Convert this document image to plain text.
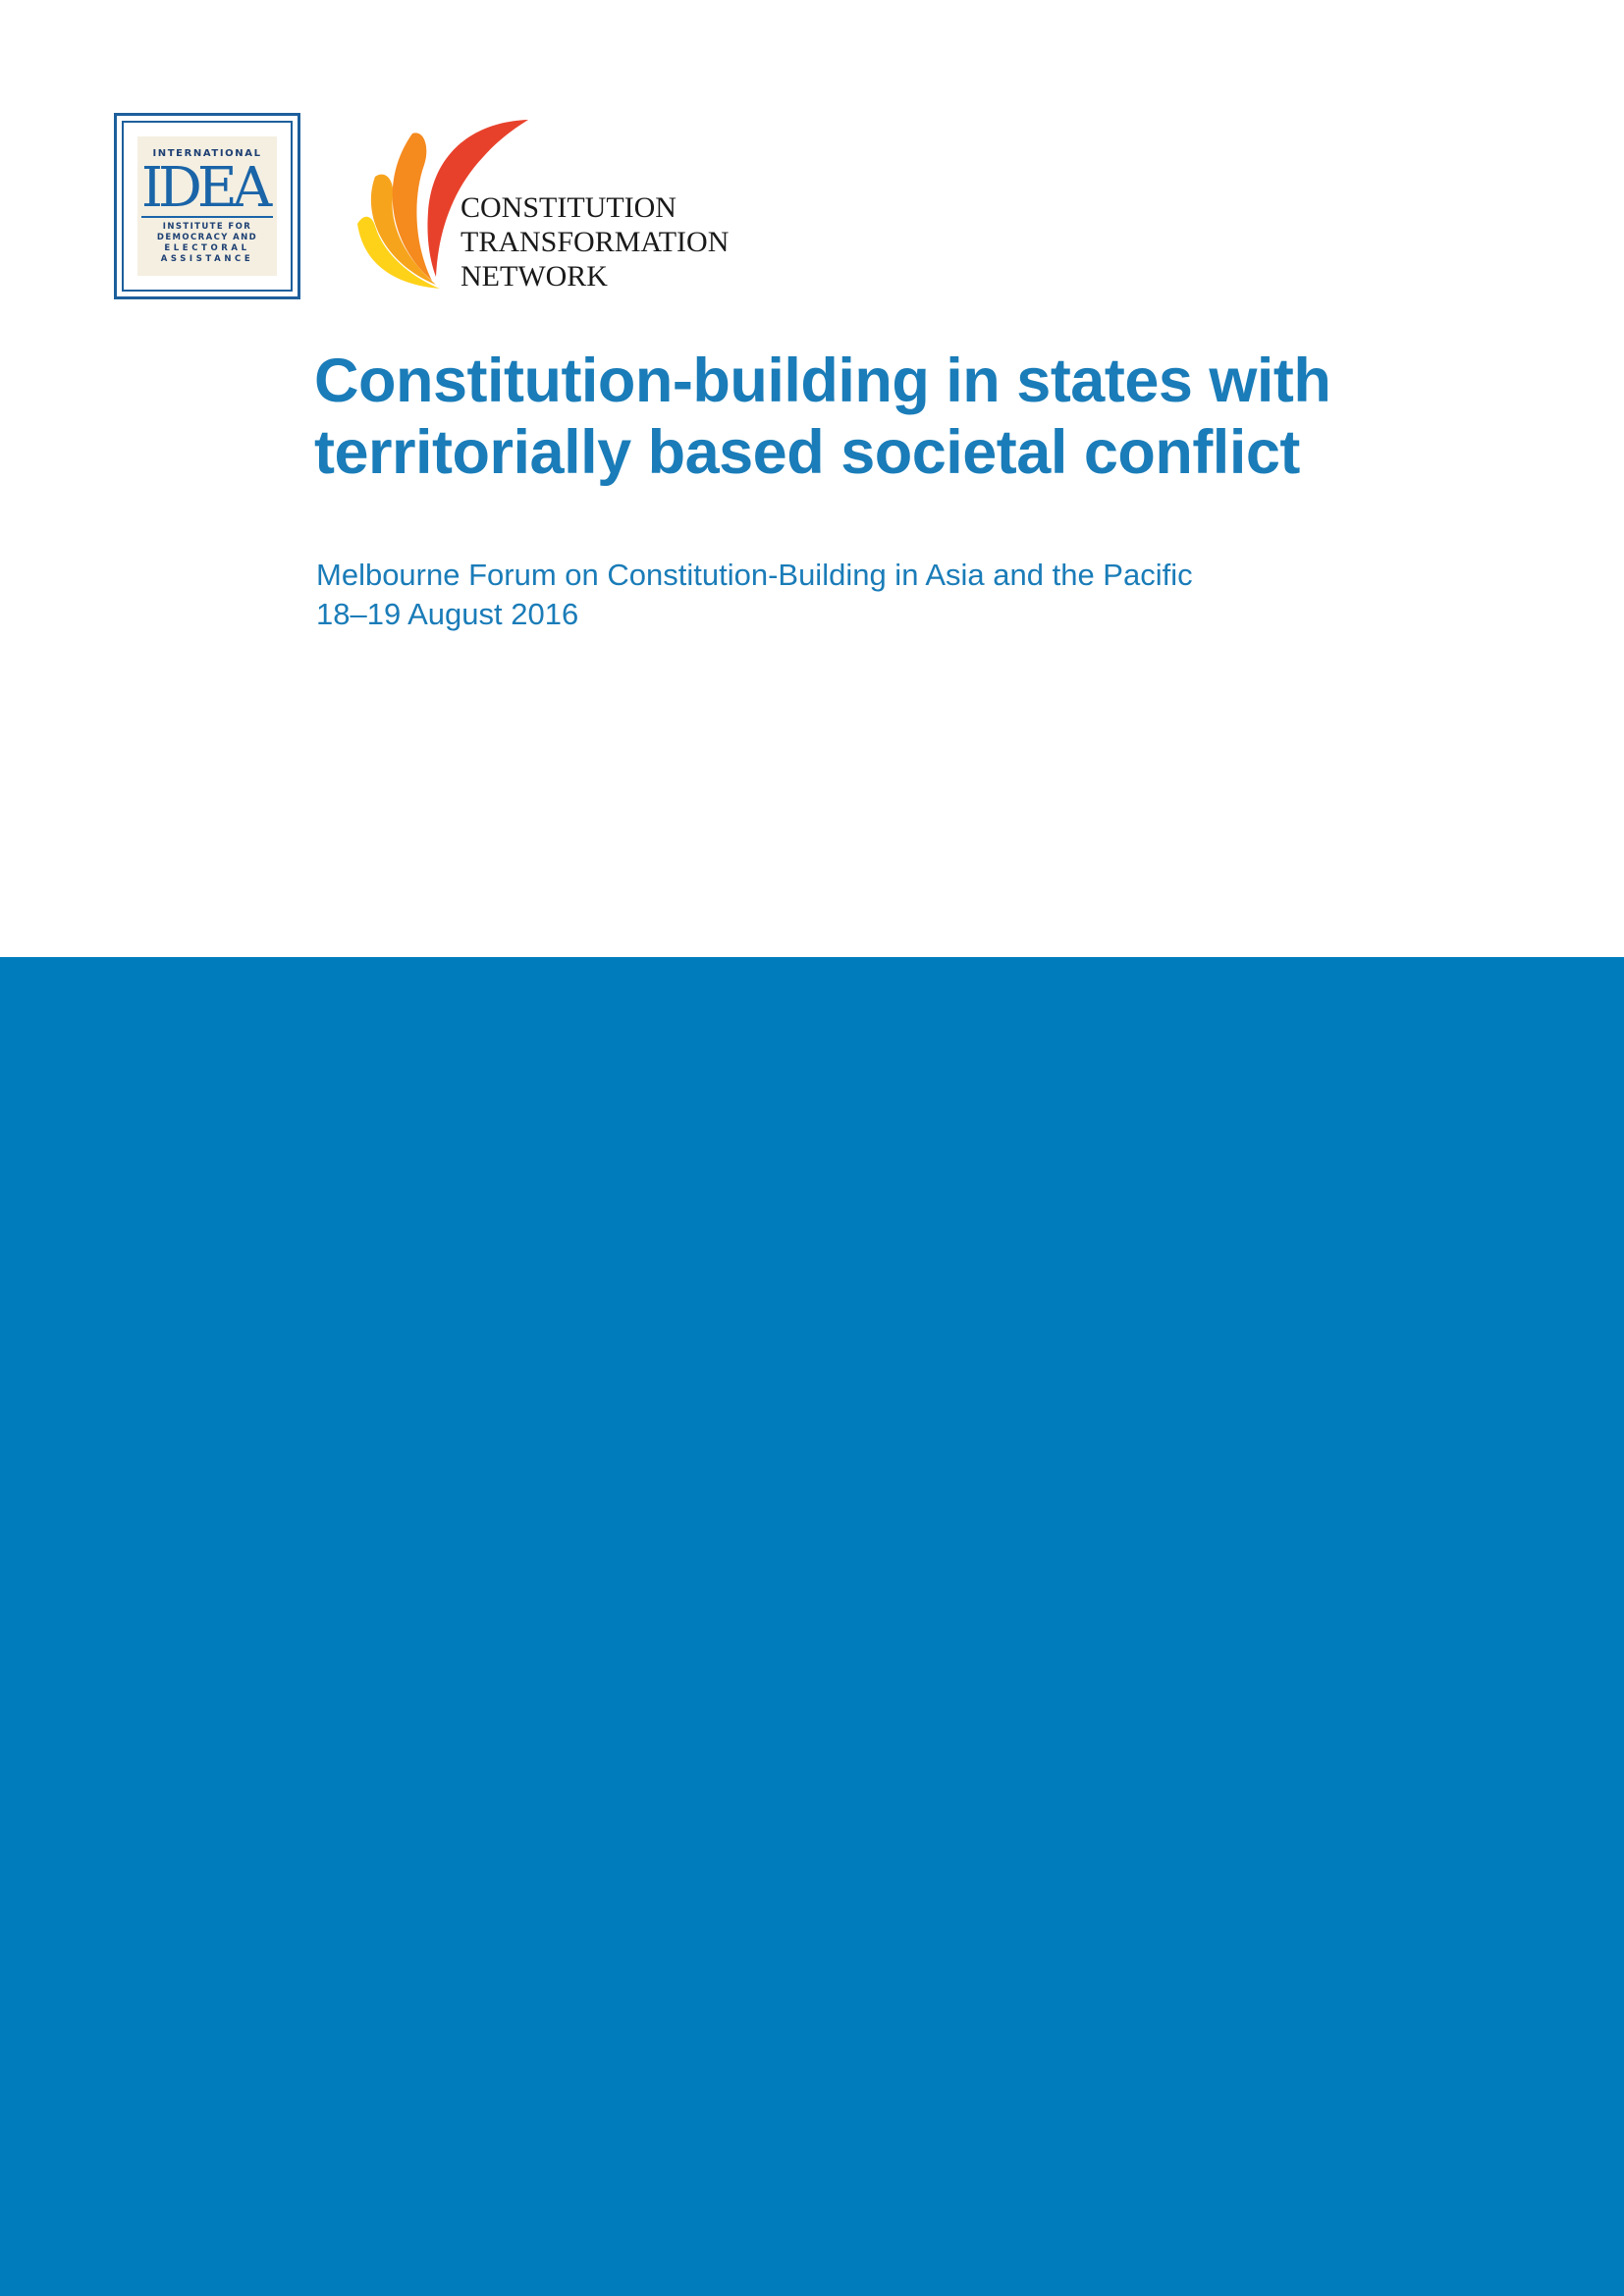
INTERNATIONAL
IDEA
INSTITUTE FOR
DEMOCRACY AND
ELECTORAL
ASSISTANCE
CONSTITUTION
TRANSFORMATION
NETWORK
Constitution-building in states with
territorially based societal conflict
Melbourne Forum on Constitution-Building in Asia and the Pacific
18–19 August 2016
